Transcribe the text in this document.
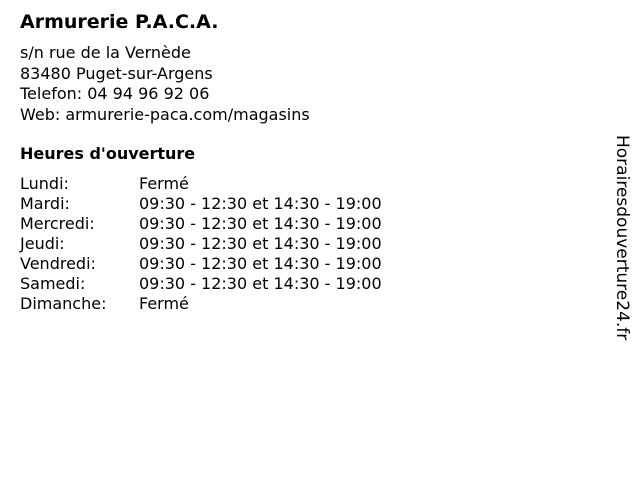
Armurerie P.A.C.A.
s/n rue de la Vernède
83480 Puget-sur-Argens
Telefon: 04 94 96 92 06
Web: armurerie-paca.com/magasins
Heures d'ouverture
Lundi:	Fermé
Mardi:	09:30 - 12:30 et 14:30 - 19:00
Mercredi:	09:30 - 12:30 et 14:30 - 19:00
Jeudi:	09:30 - 12:30 et 14:30 - 19:00
Vendredi:	09:30 - 12:30 et 14:30 - 19:00
Samedi:	09:30 - 12:30 et 14:30 - 19:00
Dimanche:	Fermé	Horairesdouverture24.fr
